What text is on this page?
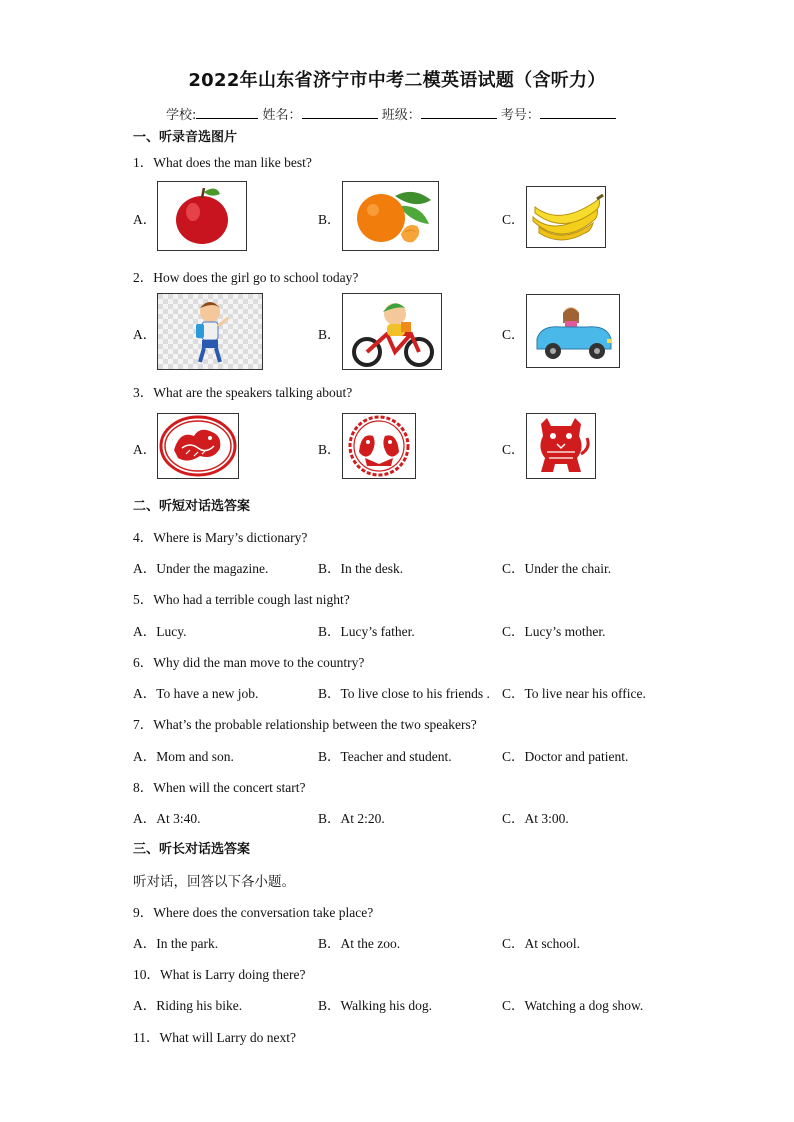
2022年山东省济宁市中考二模英语试题（含听力）
学校:	姓名：	班级：	考号：
一、听录音选图片
1．What does the man like best?
A．	B．	C．
2．How does the girl go to school today?
A．	B．	C．
3．What are the speakers talking about?
A．	B．	C．
二、听短对话选答案
4．Where is Mary’s dictionary?
A．Under the magazine.	B．In the desk.	C．Under the chair.
5．Who had a terrible cough last night?
A．Lucy.	B．Lucy’s father.	C．Lucy’s mother.
6．Why did the man move to the country?
A．To have a new job.	B．To live close to his friends . C．To live near his office.
7．What’s the probable relationship between the two speakers?
A．Mom and son.	B．Teacher and student.	C．Doctor and patient.
8．When will the concert start?
A．At 3:40.	B．At 2:20.	C．At 3:00.
三、听长对话选答案
听对话，回答以下各小题。
9．Where does the conversation take place?
A．In the park.	B．At the zoo.	C．At school.
10．What is Larry doing there?
A．Riding his bike.	B．Walking his dog.	C．Watching a dog show.
11．What will Larry do next?
